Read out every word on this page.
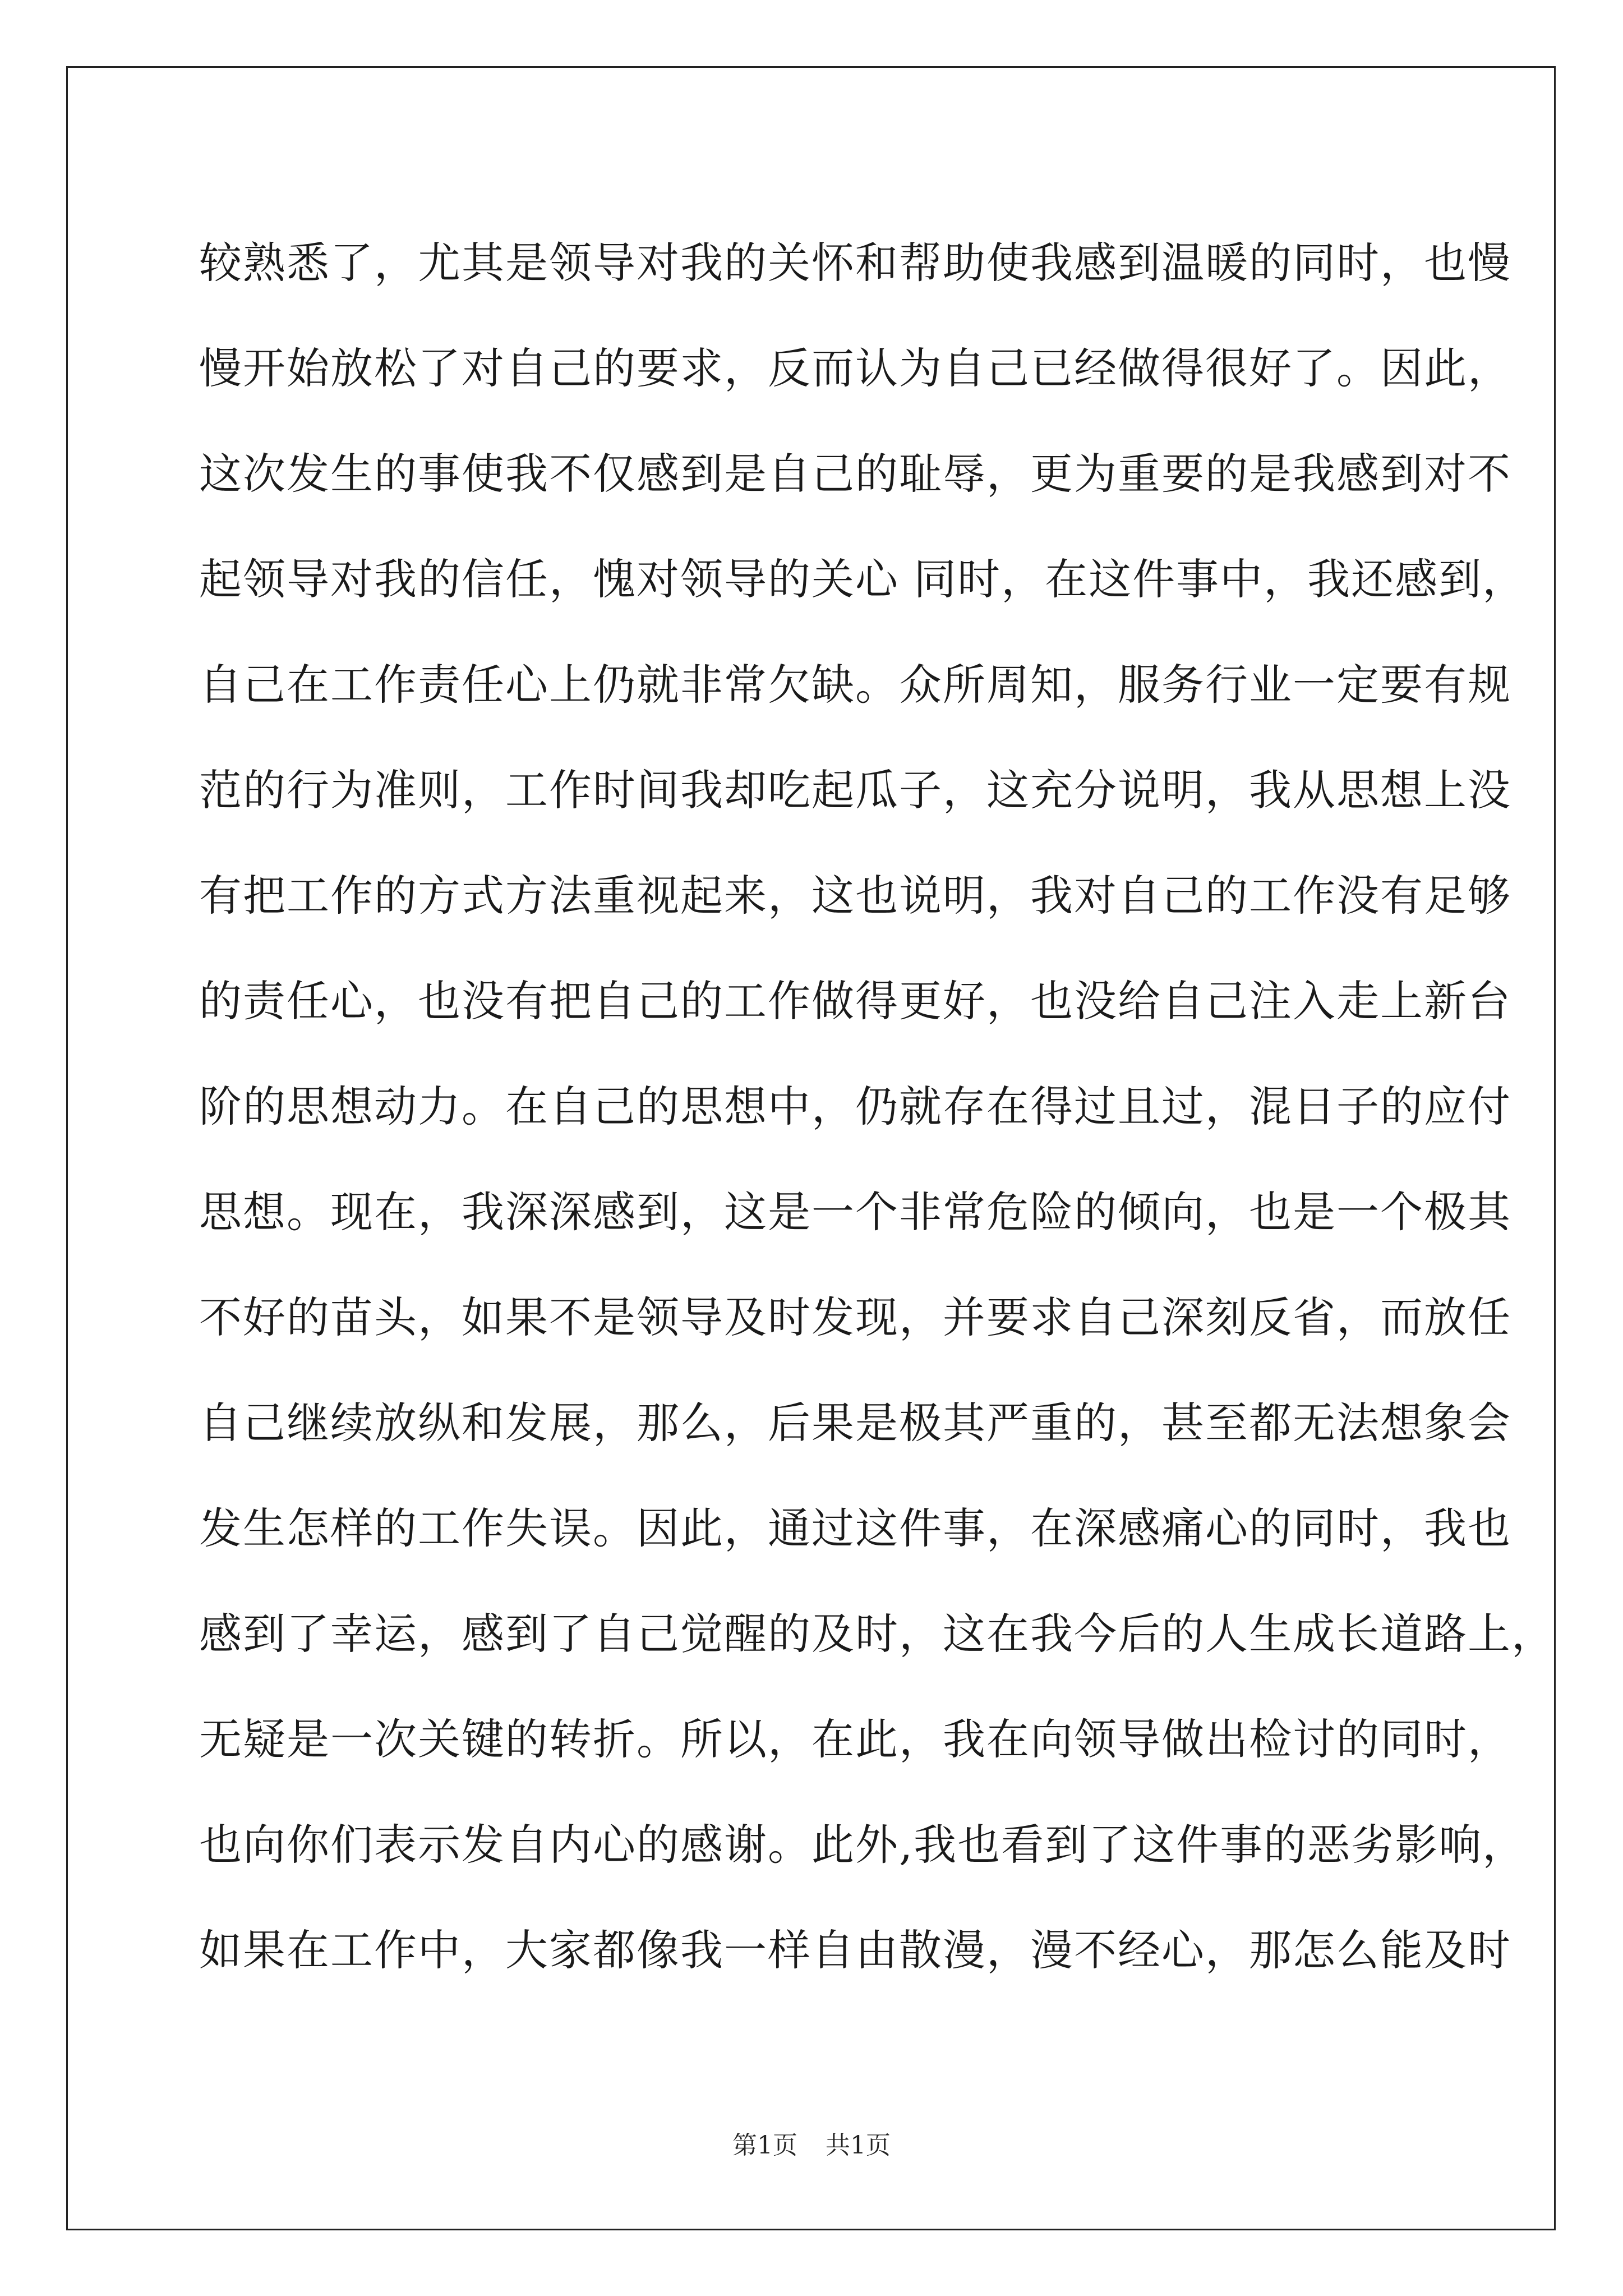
较熟悉了，尤其是领导对我的关怀和帮助使我感到温暖的同时，也慢
慢开始放松了对自己的要求，反而认为自己已经做得很好了。因此，
这次发生的事使我不仅感到是自己的耻辱，更为重要的是我感到对不
起领导对我的信任，愧对领导的关心 同时，在这件事中，我还感到，
自己在工作责任心上仍就非常欠缺。众所周知，服务行业一定要有规
范的行为准则，工作时间我却吃起瓜子，这充分说明，我从思想上没
有把工作的方式方法重视起来，这也说明，我对自己的工作没有足够
的责任心，也没有把自己的工作做得更好，也没给自己注入走上新台
阶的思想动力。在自己的思想中，仍就存在得过且过，混日子的应付
思想。现在，我深深感到，这是一个非常危险的倾向，也是一个极其
不好的苗头，如果不是领导及时发现，并要求自己深刻反省，而放任
自己继续放纵和发展，那么，后果是极其严重的，甚至都无法想象会
发生怎样的工作失误。因此，通过这件事，在深感痛心的同时，我也
感到了幸运，感到了自己觉醒的及时，这在我今后的人生成长道路上，
无疑是一次关键的转折。所以，在此，我在向领导做出检讨的同时，
也向你们表示发自内心的感谢。此外,我也看到了这件事的恶劣影响，
如果在工作中，大家都像我一样自由散漫，漫不经心，那怎么能及时
第1页 共1页
